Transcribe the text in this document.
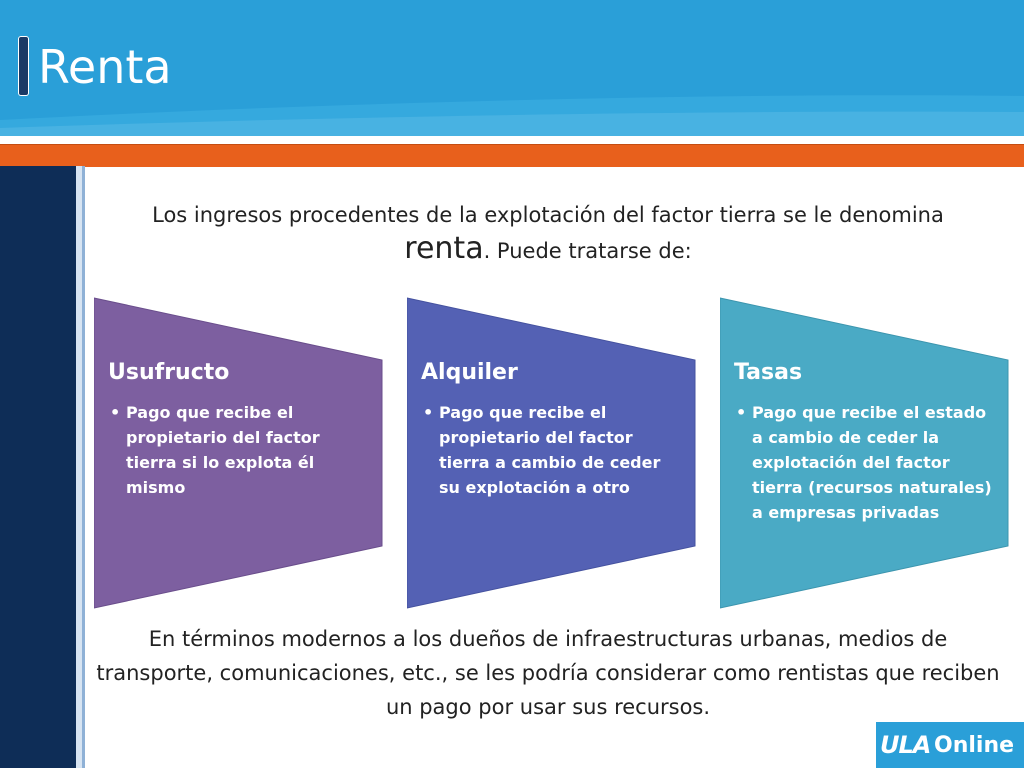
Renta
Los ingresos procedentes de la explotación del factor tierra se le denomina
renta. Puede tratarse de:
Usufructo
• Pago que recibe el propietario del factor tierra si lo explota él mismo
Alquiler
• Pago que recibe el propietario del factor tierra a cambio de ceder su explotación a otro
Tasas
• Pago que recibe el estado a cambio de ceder la explotación del factor tierra (recursos naturales) a empresas privadas
En términos modernos a los dueños de infraestructuras urbanas, medios de transporte, comunicaciones, etc., se les podría considerar como rentistas que reciben un pago por usar sus recursos.
ULA Online
